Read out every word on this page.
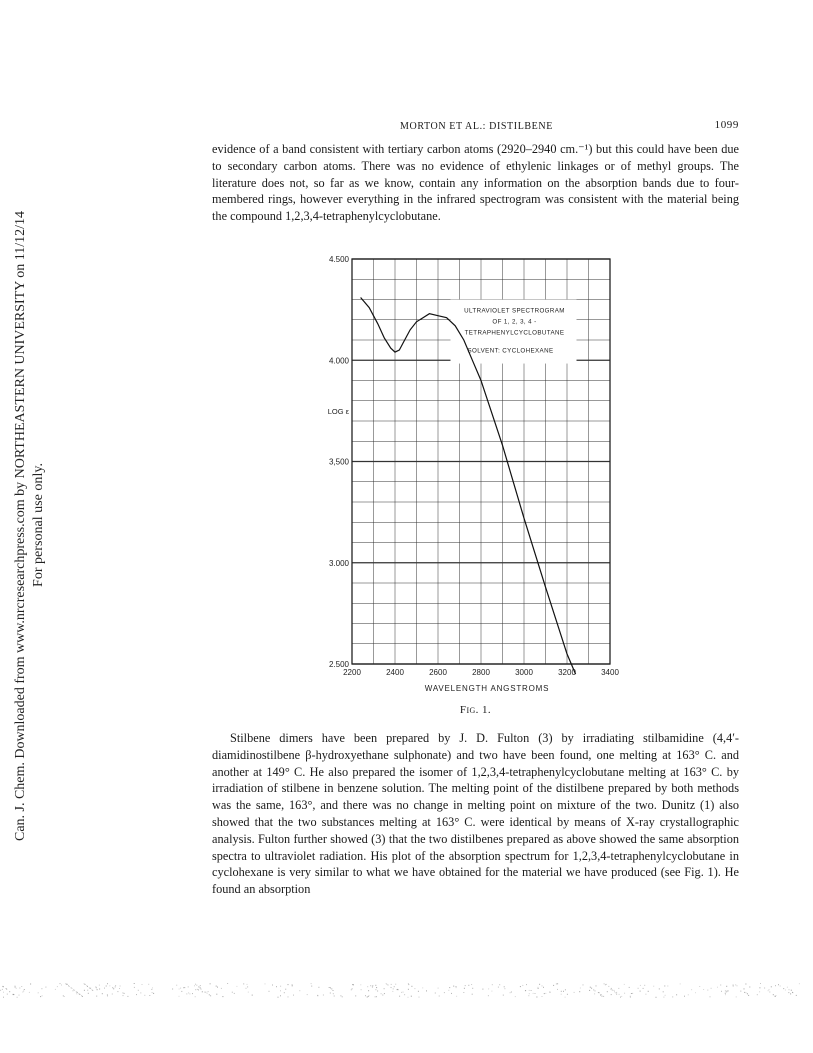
Can. J. Chem. Downloaded from www.nrcresearchpress.com by NORTHEASTERN UNIVERSITY on 11/12/14 For personal use only.
MORTON ET AL.: DISTILBENE	1099

evidence of a band consistent with tertiary carbon atoms (2920–2940 cm.⁻¹) but this could have been due to secondary carbon atoms. There was no evidence of ethylenic linkages or of methyl groups. The literature does not, so far as we know, contain any information on the absorption bands due to four-membered rings, however everything in the infrared spectrogram was consistent with the material being the compound 1,2,3,4-tetraphenylcyclobutane.

4.500
4.000
3,500
3.000
2.500
2200	2400	2600	2800	3000	3200	3400
LOG ε
WAVELENGTH ANGSTROMS
ULTRAVIOLET SPECTROGRAM
OF 1, 2, 3, 4 -
TETRAPHENYLCYCLOBUTANE
SOLVENT: CYCLOHEXANE
Fig. 1.

Stilbene dimers have been prepared by J. D. Fulton (3) by irradiating stilbamidine (4,4′-diamidinostilbene β-hydroxyethane sulphonate) and two have been found, one melting at 163° C. and another at 149° C. He also prepared the isomer of 1,2,3,4-tetraphenylcyclobutane melting at 163° C. by irradiation of stilbene in benzene solution. The melting point of the distilbene prepared by both methods was the same, 163°, and there was no change in melting point on mixture of the two. Dunitz (1) also showed that the two substances melting at 163° C. were identical by means of X-ray crystallographic analysis. Fulton further showed (3) that the two distilbenes prepared as above showed the same absorption spectra to ultraviolet radiation. His plot of the absorption spectrum for 1,2,3,4-tetraphenylcyclobutane in cyclohexane is very similar to what we have obtained for the material we have produced (see Fig. 1). He found an absorption
